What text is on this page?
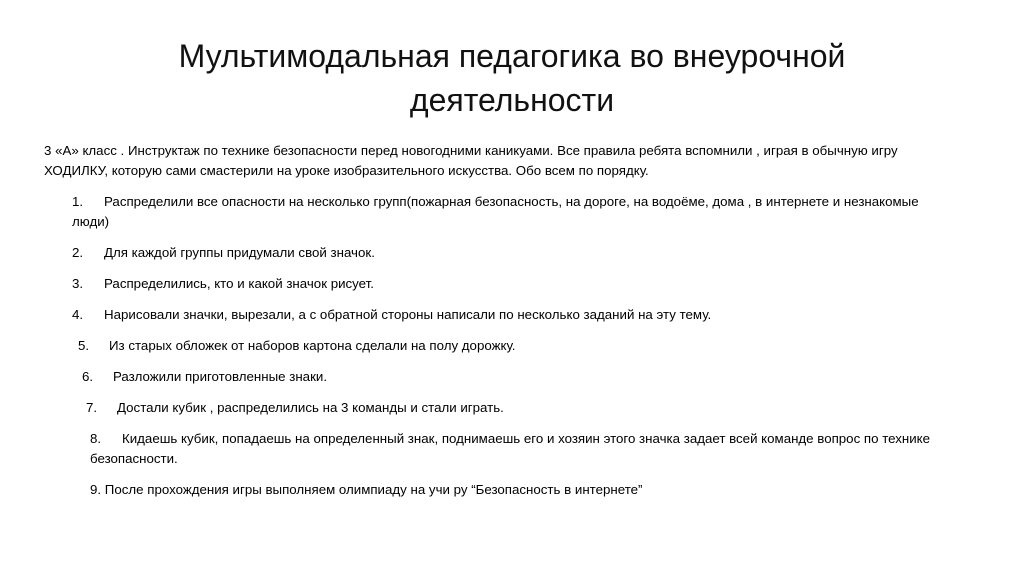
Мультимодальная педагогика во внеурочной
деятельности

3 «А» класс . Инструктаж по технике безопасности перед новогодними каникуами. Все правила ребята вспомнили , играя в обычную игру ХОДИЛКУ, которую сами смастерили на уроке изобразительного искусства. Обо всем по порядку.

1. Распределили все опасности на несколько групп(пожарная безопасность, на дороге, на водоёме, дома , в интернете и незнакомые люди)

2. Для каждой группы придумали свой значок.

3. Распределились, кто и какой значок рисует.

4. Нарисовали значки, вырезали, а с обратной стороны написали по несколько заданий на эту тему.

5. Из старых обложек от наборов картона сделали на полу дорожку.

6. Разложили приготовленные знаки.

7. Достали кубик , распределились на 3 команды и стали играть.

8. Кидаешь кубик, попадаешь на определенный знак, поднимаешь его и хозяин этого значка задает всей команде вопрос по технике безопасности.

9. После прохождения игры выполняем олимпиаду на учи ру “Безопасность в интернете”
